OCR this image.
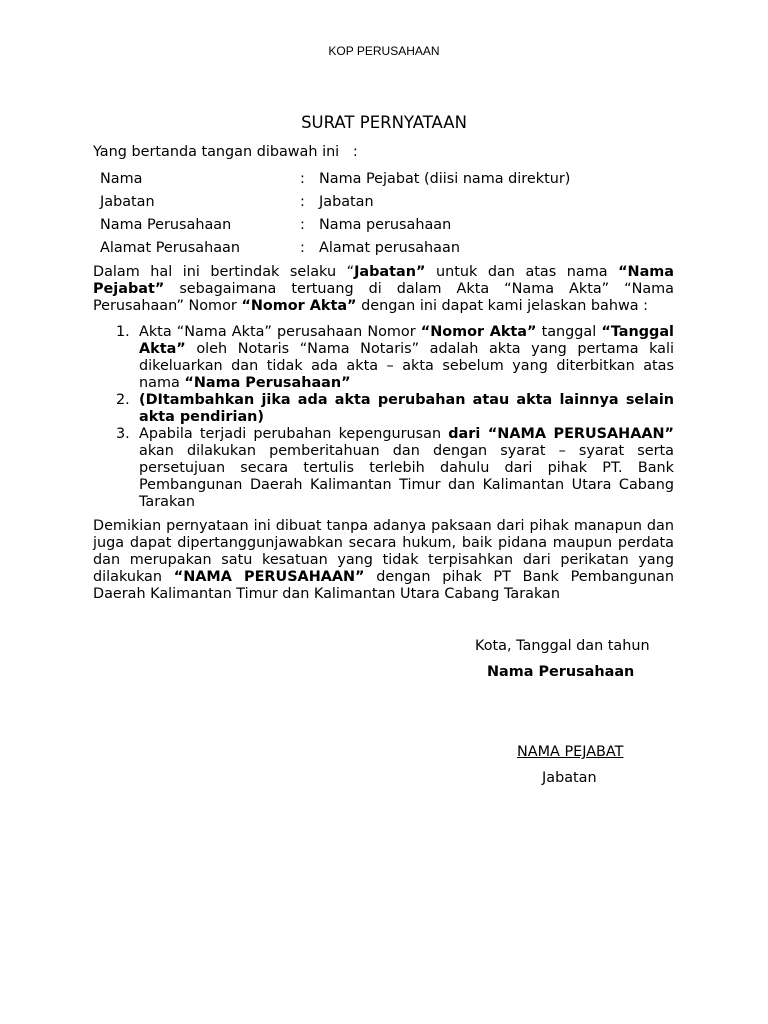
KOP PERUSAHAAN
SURAT PERNYATAAN
Yang bertanda tangan dibawah ini   :
Nama	: Nama Pejabat (diisi nama direktur)
Jabatan	: Jabatan
Nama Perusahaan	: Nama perusahaan
Alamat Perusahaan	: Alamat perusahaan
Dalam hal ini bertindak selaku “Jabatan” untuk dan atas nama “Nama Pejabat” sebagaimana tertuang di dalam Akta “Nama Akta” “Nama Perusahaan” Nomor “Nomor Akta” dengan ini dapat kami jelaskan bahwa :
1. Akta “Nama Akta” perusahaan Nomor “Nomor Akta” tanggal “Tanggal Akta” oleh Notaris “Nama Notaris” adalah akta yang pertama kali dikeluarkan dan tidak ada akta – akta sebelum yang diterbitkan atas nama “Nama Perusahaan”
2. (DItambahkan jika ada akta perubahan atau akta lainnya selain akta pendirian)
3. Apabila terjadi perubahan kepengurusan dari “NAMA PERUSAHAAN” akan dilakukan pemberitahuan dan dengan syarat – syarat serta persetujuan secara tertulis terlebih dahulu dari pihak PT. Bank Pembangunan Daerah Kalimantan Timur dan Kalimantan Utara Cabang Tarakan
Demikian pernyataan ini dibuat tanpa adanya paksaan dari pihak manapun dan juga dapat dipertanggunjawabkan secara hukum, baik pidana maupun perdata dan merupakan satu kesatuan yang tidak terpisahkan dari perikatan yang dilakukan “NAMA PERUSAHAAN” dengan pihak PT Bank Pembangunan Daerah Kalimantan Timur dan Kalimantan Utara Cabang Tarakan
Kota, Tanggal dan tahun
Nama Perusahaan
NAMA PEJABAT
Jabatan
